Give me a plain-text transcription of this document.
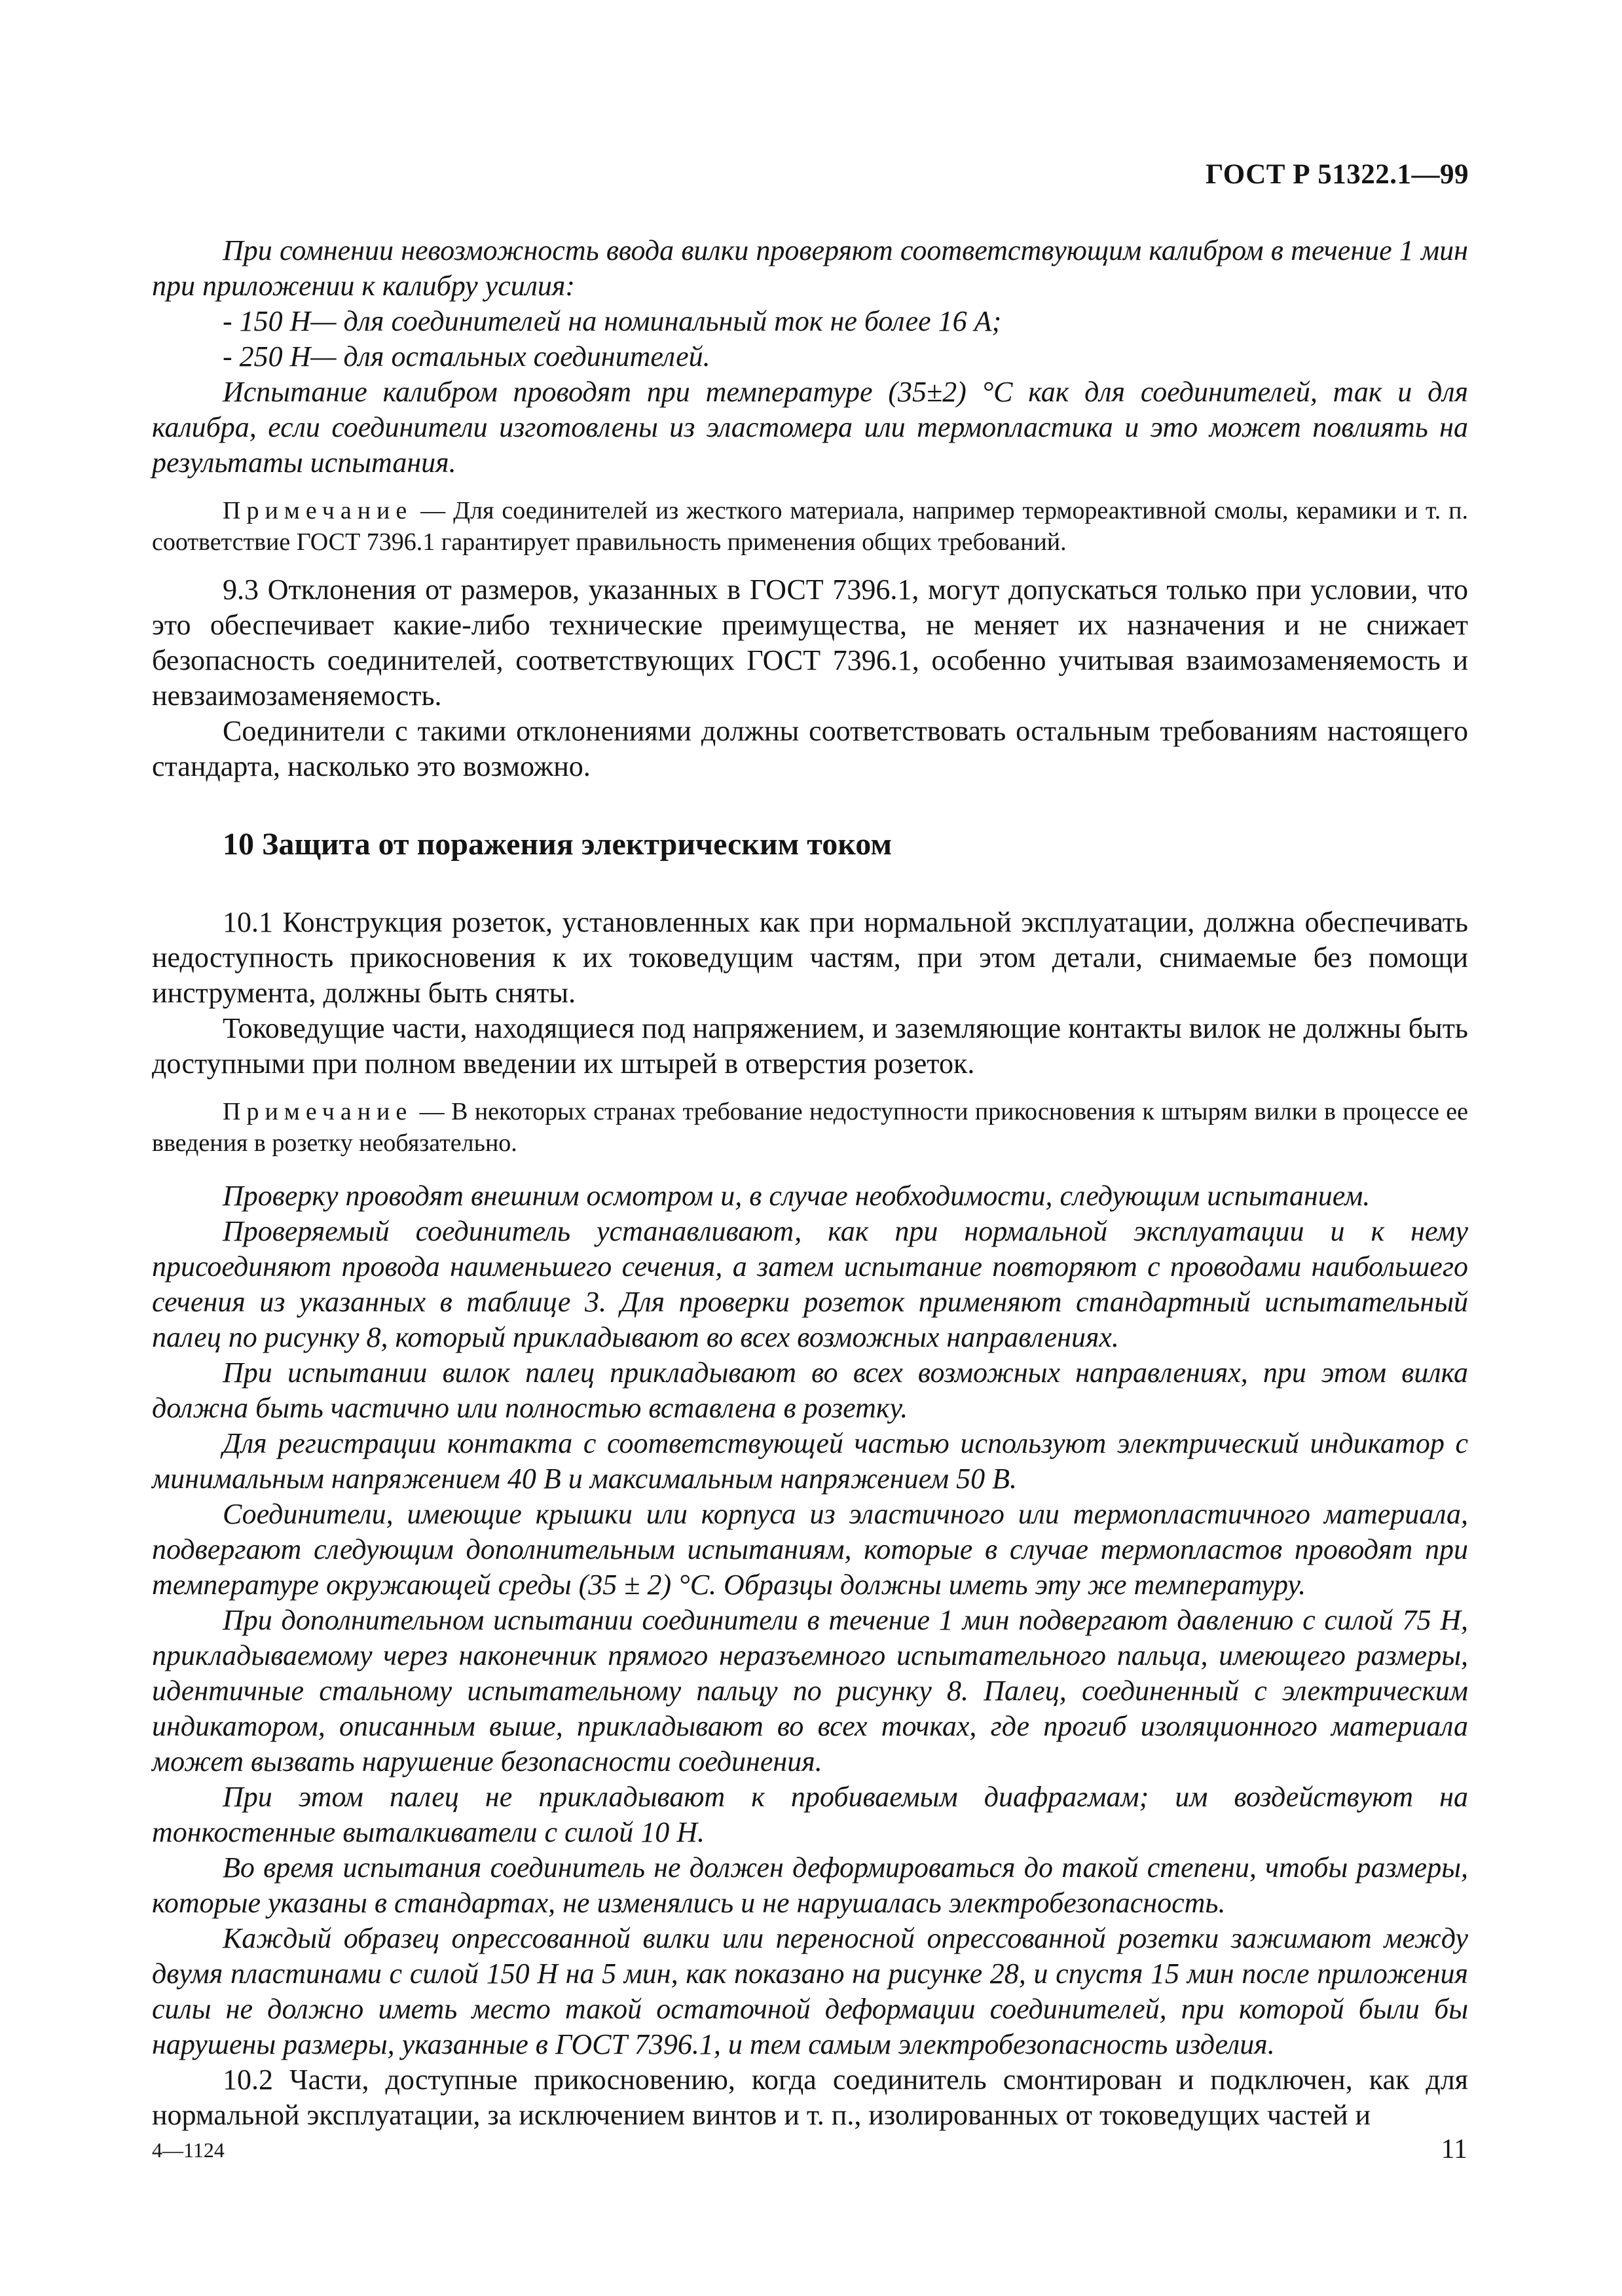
ГОСТ Р 51322.1—99

При сомнении невозможность ввода вилки проверяют соответствующим калибром в течение 1 мин при приложении к калибру усилия:

- 150 Н— для соединителей на номинальный ток не более 16 А;

- 250 Н— для остальных соединителей.

Испытание калибром проводят при температуре (35±2) °С как для соединителей, так и для калибра, если соединители изготовлены из эластомера или термопластика и это может повлиять на результаты испытания.

Примечание — Для соединителей из жесткого материала, например термореактивной смолы, керамики и т. п. соответствие ГОСТ 7396.1 гарантирует правильность применения общих требований.

9.3 Отклонения от размеров, указанных в ГОСТ 7396.1, могут допускаться только при условии, что это обеспечивает какие-либо технические преимущества, не меняет их назначения и не снижает безопасность соединителей, соответствующих ГОСТ 7396.1, особенно учитывая взаимозаменяемость и невзаимозаменяемость.

Соединители с такими отклонениями должны соответствовать остальным требованиям настоящего стандарта, насколько это возможно.

10 Защита от поражения электрическим током

10.1 Конструкция розеток, установленных как при нормальной эксплуатации, должна обеспечивать недоступность прикосновения к их токоведущим частям, при этом детали, снимаемые без помощи инструмента, должны быть сняты.

Токоведущие части, находящиеся под напряжением, и заземляющие контакты вилок не должны быть доступными при полном введении их штырей в отверстия розеток.

Примечание — В некоторых странах требование недоступности прикосновения к штырям вилки в процессе ее введения в розетку необязательно.

Проверку проводят внешним осмотром и, в случае необходимости, следующим испытанием.

Проверяемый соединитель устанавливают, как при нормальной эксплуатации и к нему присоединяют провода наименьшего сечения, а затем испытание повторяют с проводами наибольшего сечения из указанных в таблице 3. Для проверки розеток применяют стандартный испытательный палец по рисунку 8, который прикладывают во всех возможных направлениях.

При испытании вилок палец прикладывают во всех возможных направлениях, при этом вилка должна быть частично или полностью вставлена в розетку.

Для регистрации контакта с соответствующей частью используют электрический индикатор с минимальным напряжением 40 В и максимальным напряжением 50 В.

Соединители, имеющие крышки или корпуса из эластичного или термопластичного материала, подвергают следующим дополнительным испытаниям, которые в случае термопластов проводят при температуре окружающей среды (35 ± 2) °С. Образцы должны иметь эту же температуру.

При дополнительном испытании соединители в течение 1 мин подвергают давлению с силой 75 Н, прикладываемому через наконечник прямого неразъемного испытательного пальца, имеющего размеры, идентичные стальному испытательному пальцу по рисунку 8. Палец, соединенный с электрическим индикатором, описанным выше, прикладывают во всех точках, где прогиб изоляционного материала может вызвать нарушение безопасности соединения.

При этом палец не прикладывают к пробиваемым диафрагмам; им воздействуют на тонкостенные выталкиватели с силой 10 Н.

Во время испытания соединитель не должен деформироваться до такой степени, чтобы размеры, которые указаны в стандартах, не изменялись и не нарушалась электробезопасность.

Каждый образец опрессованной вилки или переносной опрессованной розетки зажимают между двумя пластинами с силой 150 Н на 5 мин, как показано на рисунке 28, и спустя 15 мин после приложения силы не должно иметь место такой остаточной деформации соединителей, при которой были бы нарушены размеры, указанные в ГОСТ 7396.1, и тем самым электробезопасность изделия.

10.2 Части, доступные прикосновению, когда соединитель смонтирован и подключен, как для нормальной эксплуатации, за исключением винтов и т. п., изолированных от токоведущих частей и

4—1124	11
